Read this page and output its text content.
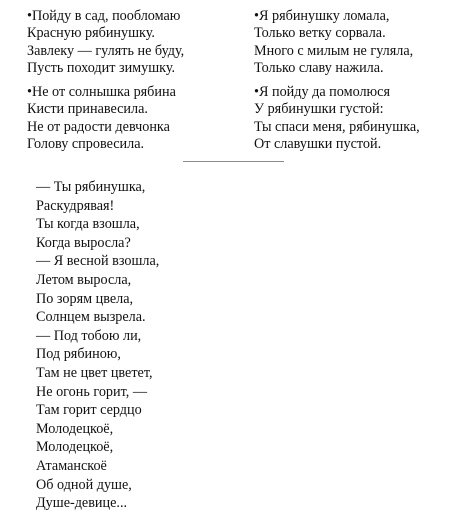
•Пойду в сад, пообломаю
Красную рябинушку.
Завлеку — гулять не буду,
Пусть походит зимушку.
•Я рябинушку ломала,
Только ветку сорвала.
Много с милым не гуляла,
Только славу нажила.
•Не от солнышка рябина
Кисти принавесила.
Не от радости девчонка
Голову спровесила.
•Я пойду да помолюся
У рябинушки густой:
Ты спаси меня, рябинушка,
От славушки пустой.
— Ты рябинушка,
Раскудрявая!
Ты когда взошла,
Когда выросла?
— Я весной взошла,
Летом выросла,
По зорям цвела,
Солнцем вызрела.
— Под тобою ли,
Под рябиною,
Там не цвет цветет,
Не огонь горит, —
Там горит сердцо
Молодецкоё,
Молодецкоё,
Атаманскоё
Об одной душе,
Душе-девице...
